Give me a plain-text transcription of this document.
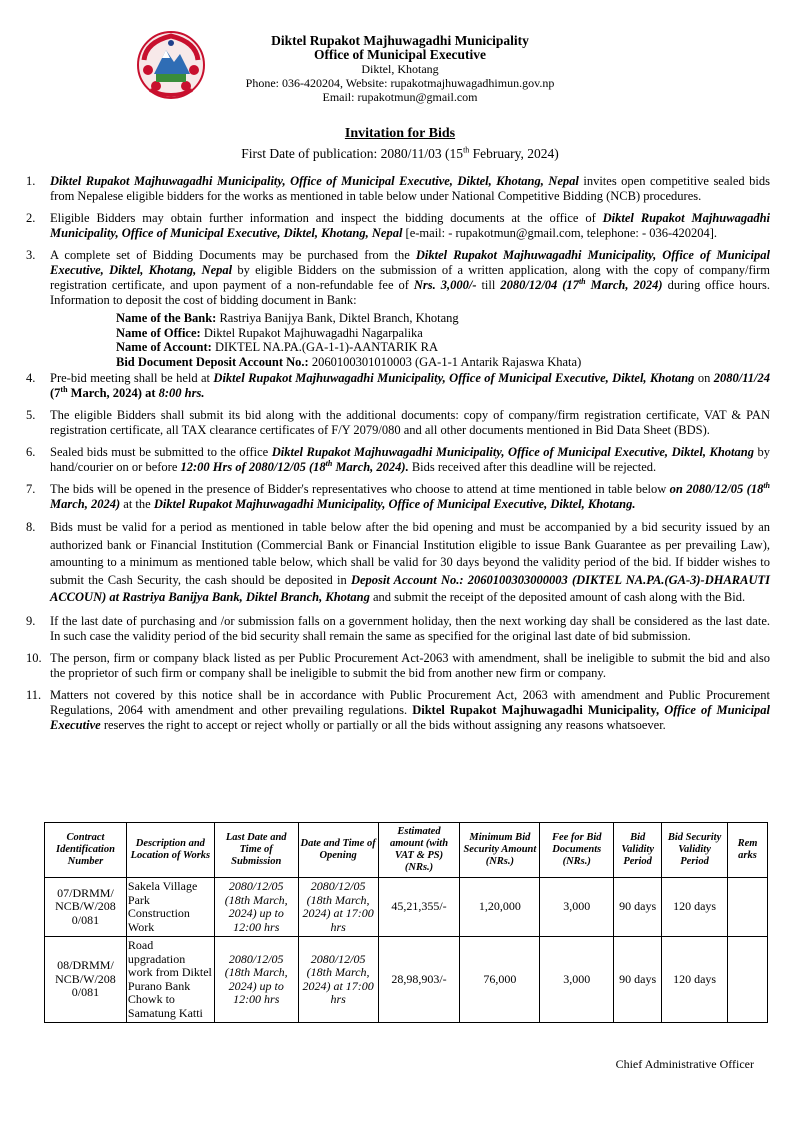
Diktel Rupakot Majhuwagadhi Municipality
Office of Municipal Executive
Diktel, Khotang
Phone: 036-420204, Website: rupakotmajhuwagadhimun.gov.np
Email: rupakotmun@gmail.com
Invitation for Bids
First Date of publication: 2080/11/03 (15th February, 2024)
1. Diktel Rupakot Majhuwagadhi Municipality, Office of Municipal Executive, Diktel, Khotang, Nepal invites open competitive sealed bids from Nepalese eligible bidders for the works as mentioned in table below under National Competitive Bidding (NCB) procedures.
2. Eligible Bidders may obtain further information and inspect the bidding documents at the office of Diktel Rupakot Majhuwagadhi Municipality, Office of Municipal Executive, Diktel, Khotang, Nepal [e-mail: - rupakotmun@gmail.com, telephone: - 036-420204].
3. A complete set of Bidding Documents may be purchased from the Diktel Rupakot Majhuwagadhi Municipality, Office of Municipal Executive, Diktel, Khotang, Nepal by eligible Bidders on the submission of a written application, along with the copy of company/firm registration certificate, and upon payment of a non-refundable fee of Nrs. 3,000/- till 2080/12/04 (17th March, 2024) during office hours. Information to deposit the cost of bidding document in Bank:
Name of the Bank: Rastriya Banijya Bank, Diktel Branch, Khotang
Name of Office: Diktel Rupakot Majhuwagadhi Nagarpalika
Name of Account: DIKTEL NA.PA.(GA-1-1)-AANTARIK RA
Bid Document Deposit Account No.: 2060100301010003 (GA-1-1 Antarik Rajaswa Khata)
4. Pre-bid meeting shall be held at Diktel Rupakot Majhuwagadhi Municipality, Office of Municipal Executive, Diktel, Khotang on 2080/11/24 (7th March, 2024) at 8:00 hrs.
5. The eligible Bidders shall submit its bid along with the additional documents: copy of company/firm registration certificate, VAT & PAN registration certificate, all TAX clearance certificates of F/Y 2079/080 and all other documents mentioned in Bid Data Sheet (BDS).
6. Sealed bids must be submitted to the office Diktel Rupakot Majhuwagadhi Municipality, Office of Municipal Executive, Diktel, Khotang by hand/courier on or before 12:00 Hrs of 2080/12/05 (18th March, 2024). Bids received after this deadline will be rejected.
7. The bids will be opened in the presence of Bidder's representatives who choose to attend at time mentioned in table below on 2080/12/05 (18th March, 2024) at the Diktel Rupakot Majhuwagadhi Municipality, Office of Municipal Executive, Diktel, Khotang.
8. Bids must be valid for a period as mentioned in table below after the bid opening and must be accompanied by a bid security issued by an authorized bank or Financial Institution (Commercial Bank or Financial Institution eligible to issue Bank Guarantee as per prevailing Law), amounting to a minimum as mentioned table below, which shall be valid for 30 days beyond the validity period of the bid. If bidder wishes to submit the Cash Security, the cash should be deposited in Deposit Account No.: 2060100303000003 (DIKTEL NA.PA.(GA-3)-DHARAUTI ACCOUN) at Rastriya Banijya Bank, Diktel Branch, Khotang and submit the receipt of the deposited amount of cash along with the Bid.
9. If the last date of purchasing and /or submission falls on a government holiday, then the next working day shall be considered as the last date. In such case the validity period of the bid security shall remain the same as specified for the original last date of bid submission.
10. The person, firm or company black listed as per Public Procurement Act-2063 with amendment, shall be ineligible to submit the bid and also the proprietor of such firm or company shall be ineligible to submit the bid from another new firm or company.
11. Matters not covered by this notice shall be in accordance with Public Procurement Act, 2063 with amendment and Public Procurement Regulations, 2064 with amendment and other prevailing regulations. Diktel Rupakot Majhuwagadhi Municipality, Office of Municipal Executive reserves the right to accept or reject wholly or partially or all the bids without assigning any reasons whatsoever.
Contract Identification Number	Description and Location of Works	Last Date and Time of Submission	Date and Time of Opening	Estimated amount (with VAT & PS) (NRs.)	Minimum Bid Security Amount (NRs.)	Fee for Bid Documents (NRs.)	Bid Validity Period	Bid Security Validity Period	Rem arks
07/DRMM/ NCB/W/208 0/081	Sakela Village Park Construction Work	2080/12/05 (18th March, 2024) up to 12:00 hrs	2080/12/05 (18th March, 2024) at 17:00 hrs	45,21,355/-	1,20,000	3,000	90 days	120 days	
08/DRMM/ NCB/W/208 0/081	Road upgradation work from Diktel Purano Bank Chowk to Samatung Katti	2080/12/05 (18th March, 2024) up to 12:00 hrs	2080/12/05 (18th March, 2024) at 17:00 hrs	28,98,903/-	76,000	3,000	90 days	120 days	
Chief Administrative Officer
